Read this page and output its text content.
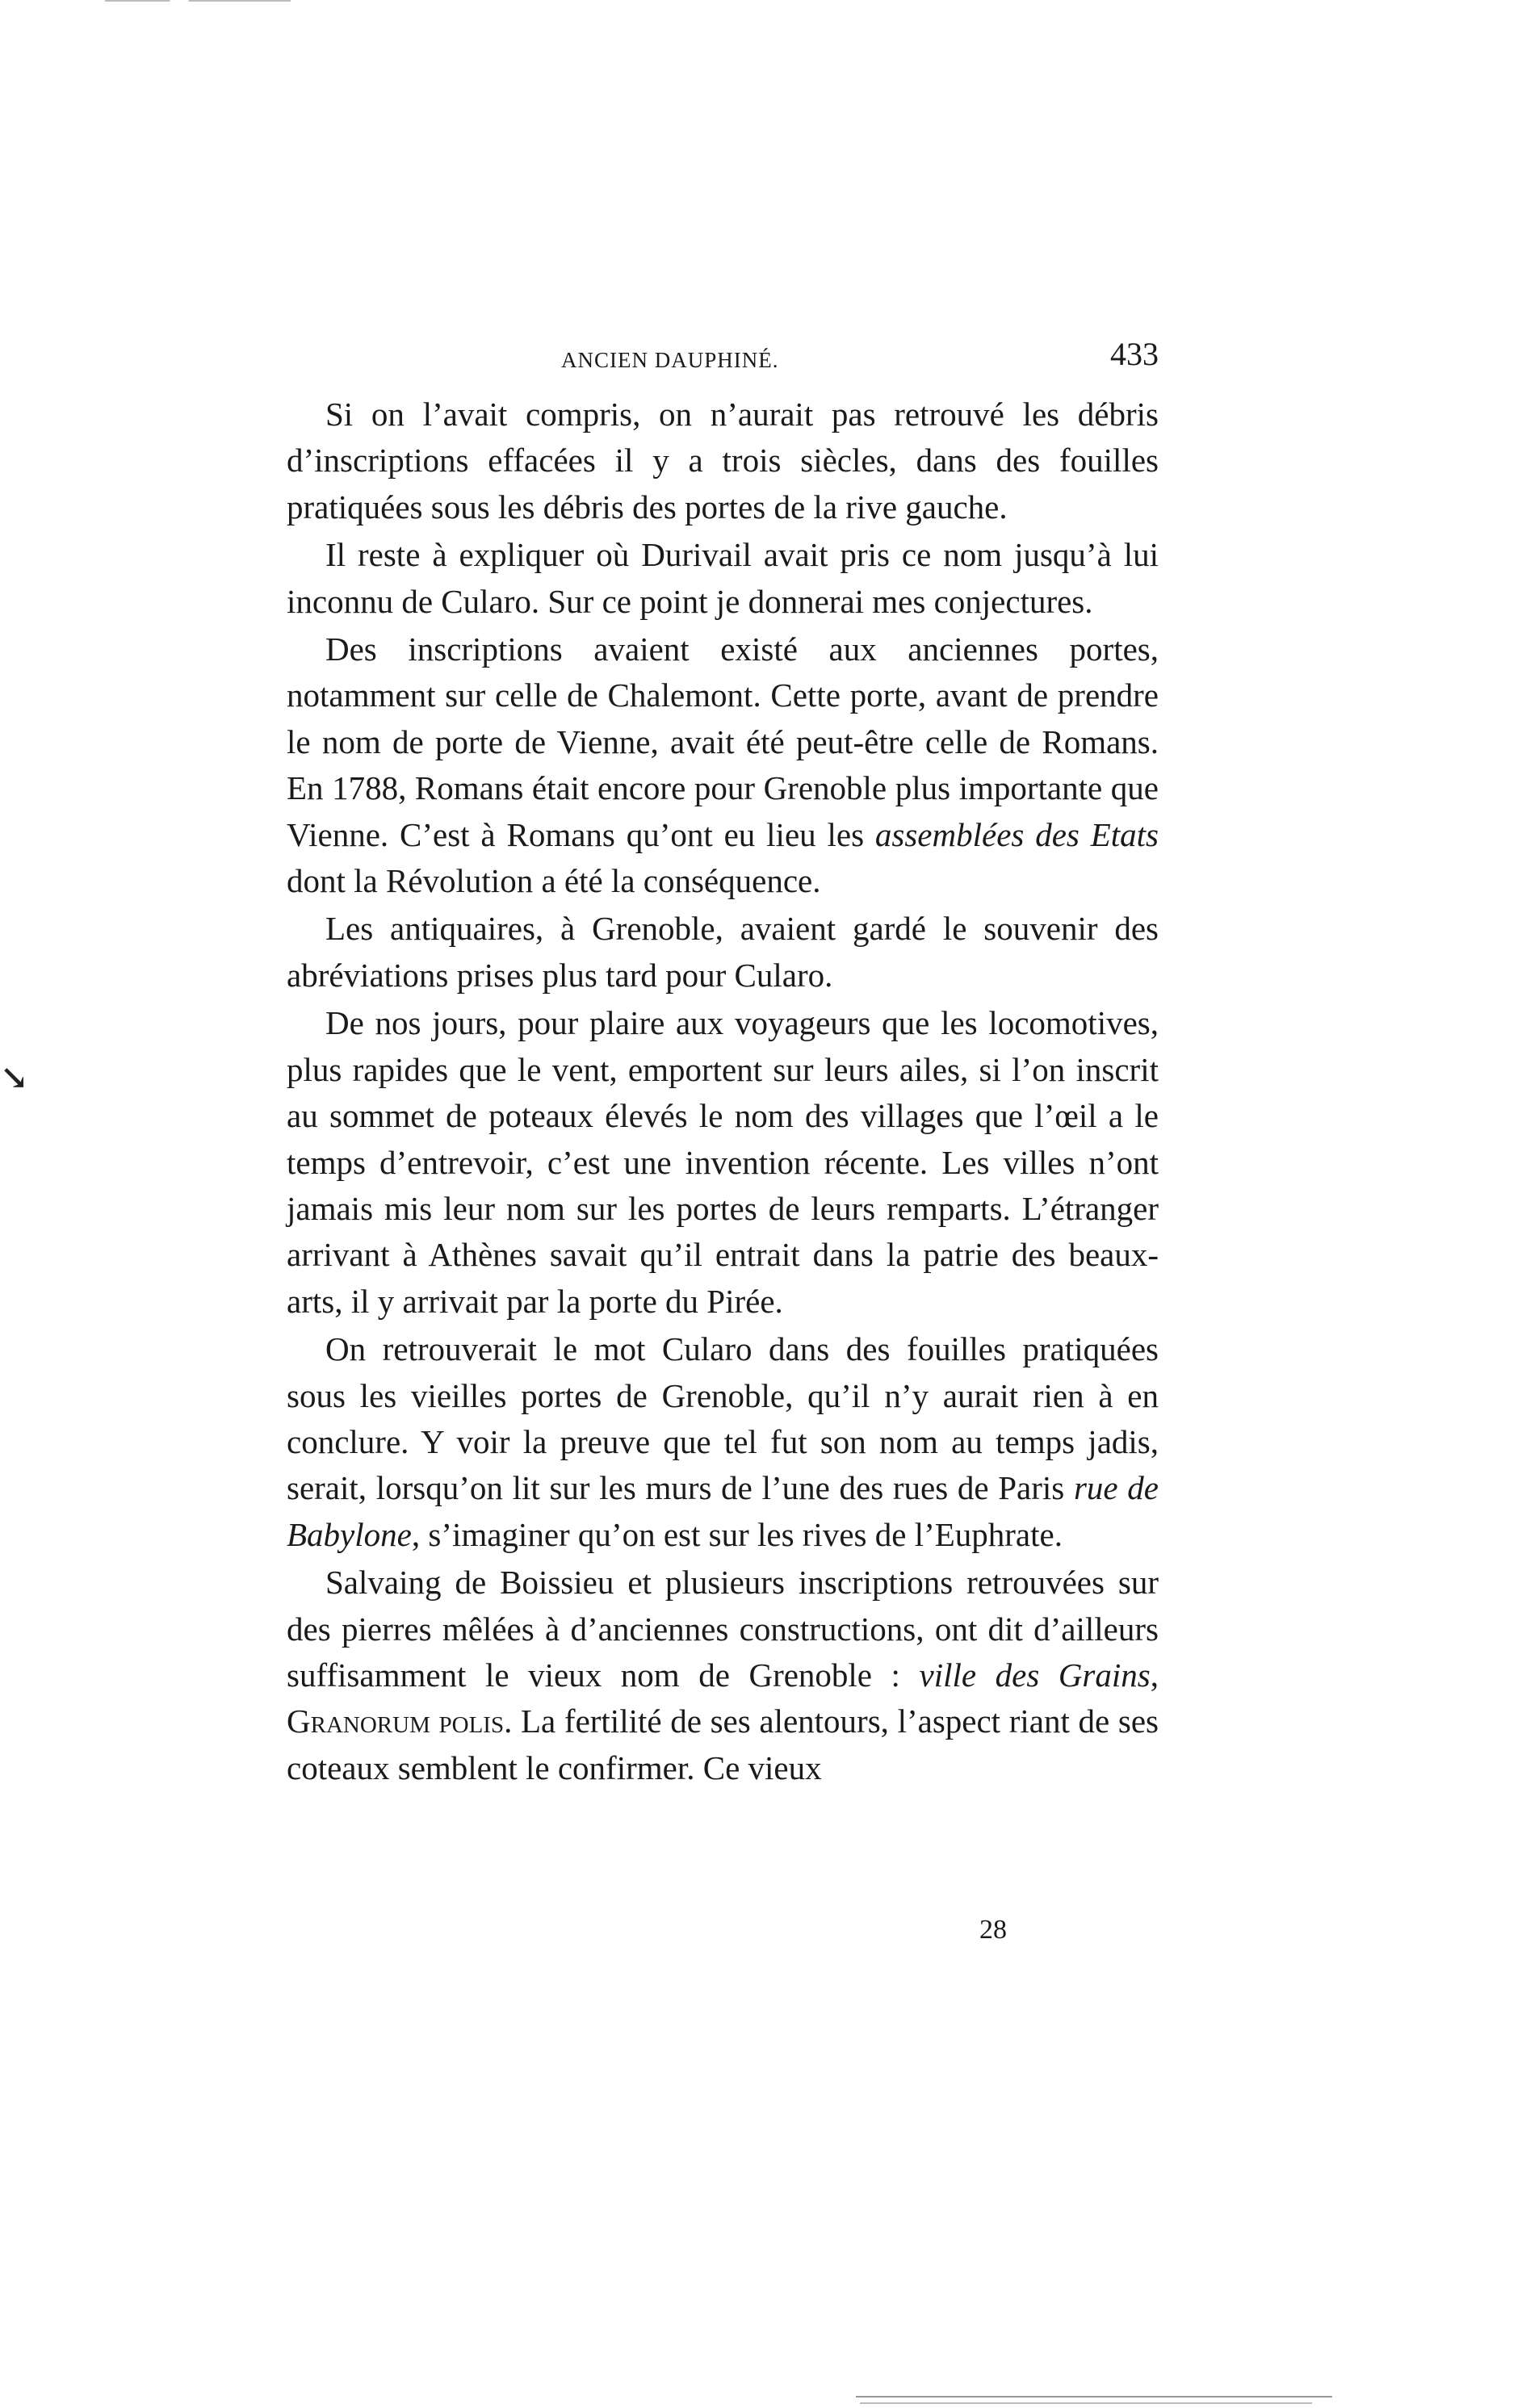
ANCIEN DAUPHINÉ.	433
↘

Si on l’avait compris, on n’aurait pas retrouvé les débris d’inscriptions effacées il y a trois siècles, dans des fouilles pratiquées sous les débris des portes de la rive gauche.

Il reste à expliquer où Durivail avait pris ce nom jusqu’à lui inconnu de Cularo. Sur ce point je donnerai mes conjectures.

Des inscriptions avaient existé aux anciennes portes, notamment sur celle de Chalemont. Cette porte, avant de prendre le nom de porte de Vienne, avait été peut-être celle de Romans. En 1788, Romans était encore pour Grenoble plus importante que Vienne. C’est à Romans qu’ont eu lieu les assemblées des Etats dont la Révolution a été la conséquence.

Les antiquaires, à Grenoble, avaient gardé le souvenir des abréviations prises plus tard pour Cularo.

De nos jours, pour plaire aux voyageurs que les locomotives, plus rapides que le vent, emportent sur leurs ailes, si l’on inscrit au sommet de poteaux élevés le nom des villages que l’œil a le temps d’entrevoir, c’est une invention récente. Les villes n’ont jamais mis leur nom sur les portes de leurs remparts. L’étranger arrivant à Athènes savait qu’il entrait dans la patrie des beaux-arts, il y arrivait par la porte du Pirée.

On retrouverait le mot Cularo dans des fouilles pratiquées sous les vieilles portes de Grenoble, qu’il n’y aurait rien à en conclure. Y voir la preuve que tel fut son nom au temps jadis, serait, lorsqu’on lit sur les murs de l’une des rues de Paris rue de Babylone, s’imaginer qu’on est sur les rives de l’Euphrate.

Salvaing de Boissieu et plusieurs inscriptions retrouvées sur des pierres mêlées à d’anciennes constructions, ont dit d’ailleurs suffisamment le vieux nom de Grenoble : ville des Grains, Granorum polis. La fertilité de ses alentours, l’aspect riant de ses coteaux semblent le confirmer. Ce vieux

28
